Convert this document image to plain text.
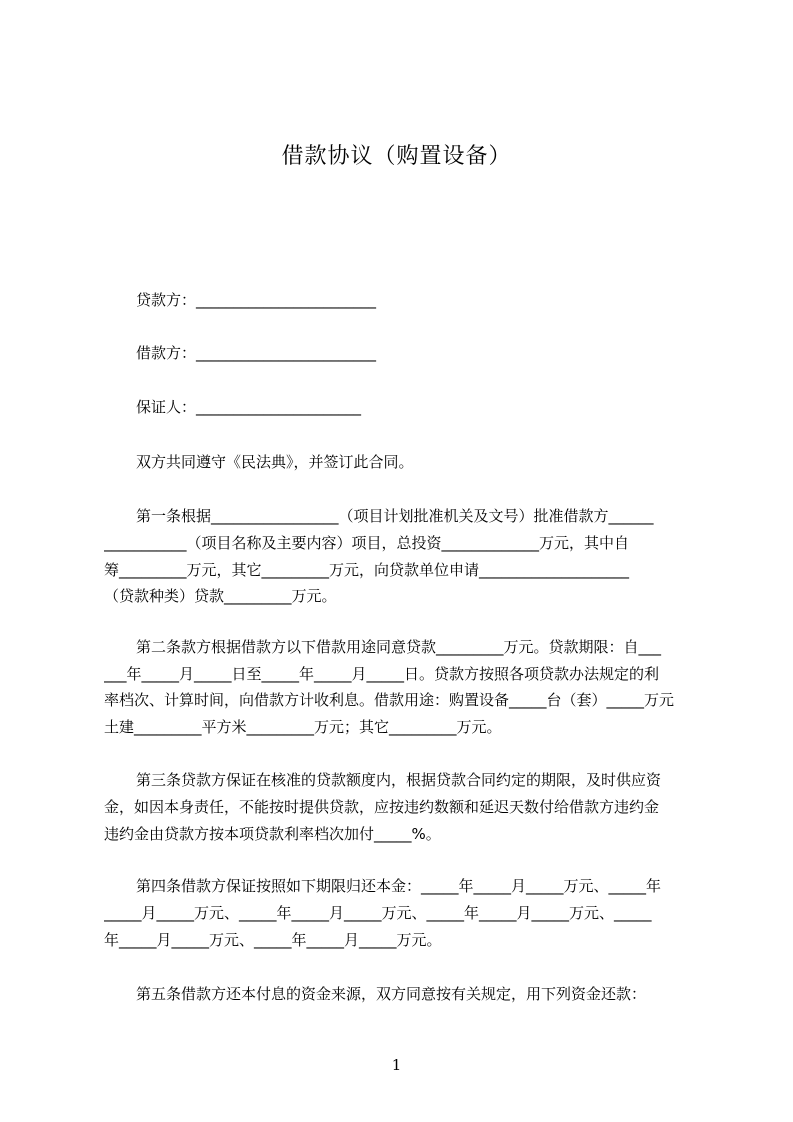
借款协议（购置设备）
贷款方：________________________
借款方：________________________
保证人：______________________
双方共同遵守《民法典》，并签订此合同。
第一条根据_________________（项目计划批准机关及文号）批准借款方______
___________（项目名称及主要内容）项目，总投资_____________万元，其中自
筹_________万元，其它_________万元，向贷款单位申请____________________
（贷款种类）贷款_________万元。
第二条款方根据借款方以下借款用途同意贷款_________万元。贷款期限：自___
___年_____月_____日至_____年_____月_____日。贷款方按照各项贷款办法规定的利
率档次、计算时间，向借款方计收利息。借款用途：购置设备_____台（套）_____万元
土建_________平方米_________万元；其它_________万元。
第三条贷款方保证在核准的贷款额度内，根据贷款合同约定的期限，及时供应资
金，如因本身责任，不能按时提供贷款，应按违约数额和延迟天数付给借款方违约金
违约金由贷款方按本项贷款利率档次加付_____%。
第四条借款方保证按照如下期限归还本金：_____年_____月_____万元、_____年
_____月_____万元、_____年_____月_____万元、_____年_____月_____万元、_____
年_____月_____万元、_____年_____月_____万元。
第五条借款方还本付息的资金来源，双方同意按有关规定，用下列资金还款：
1
